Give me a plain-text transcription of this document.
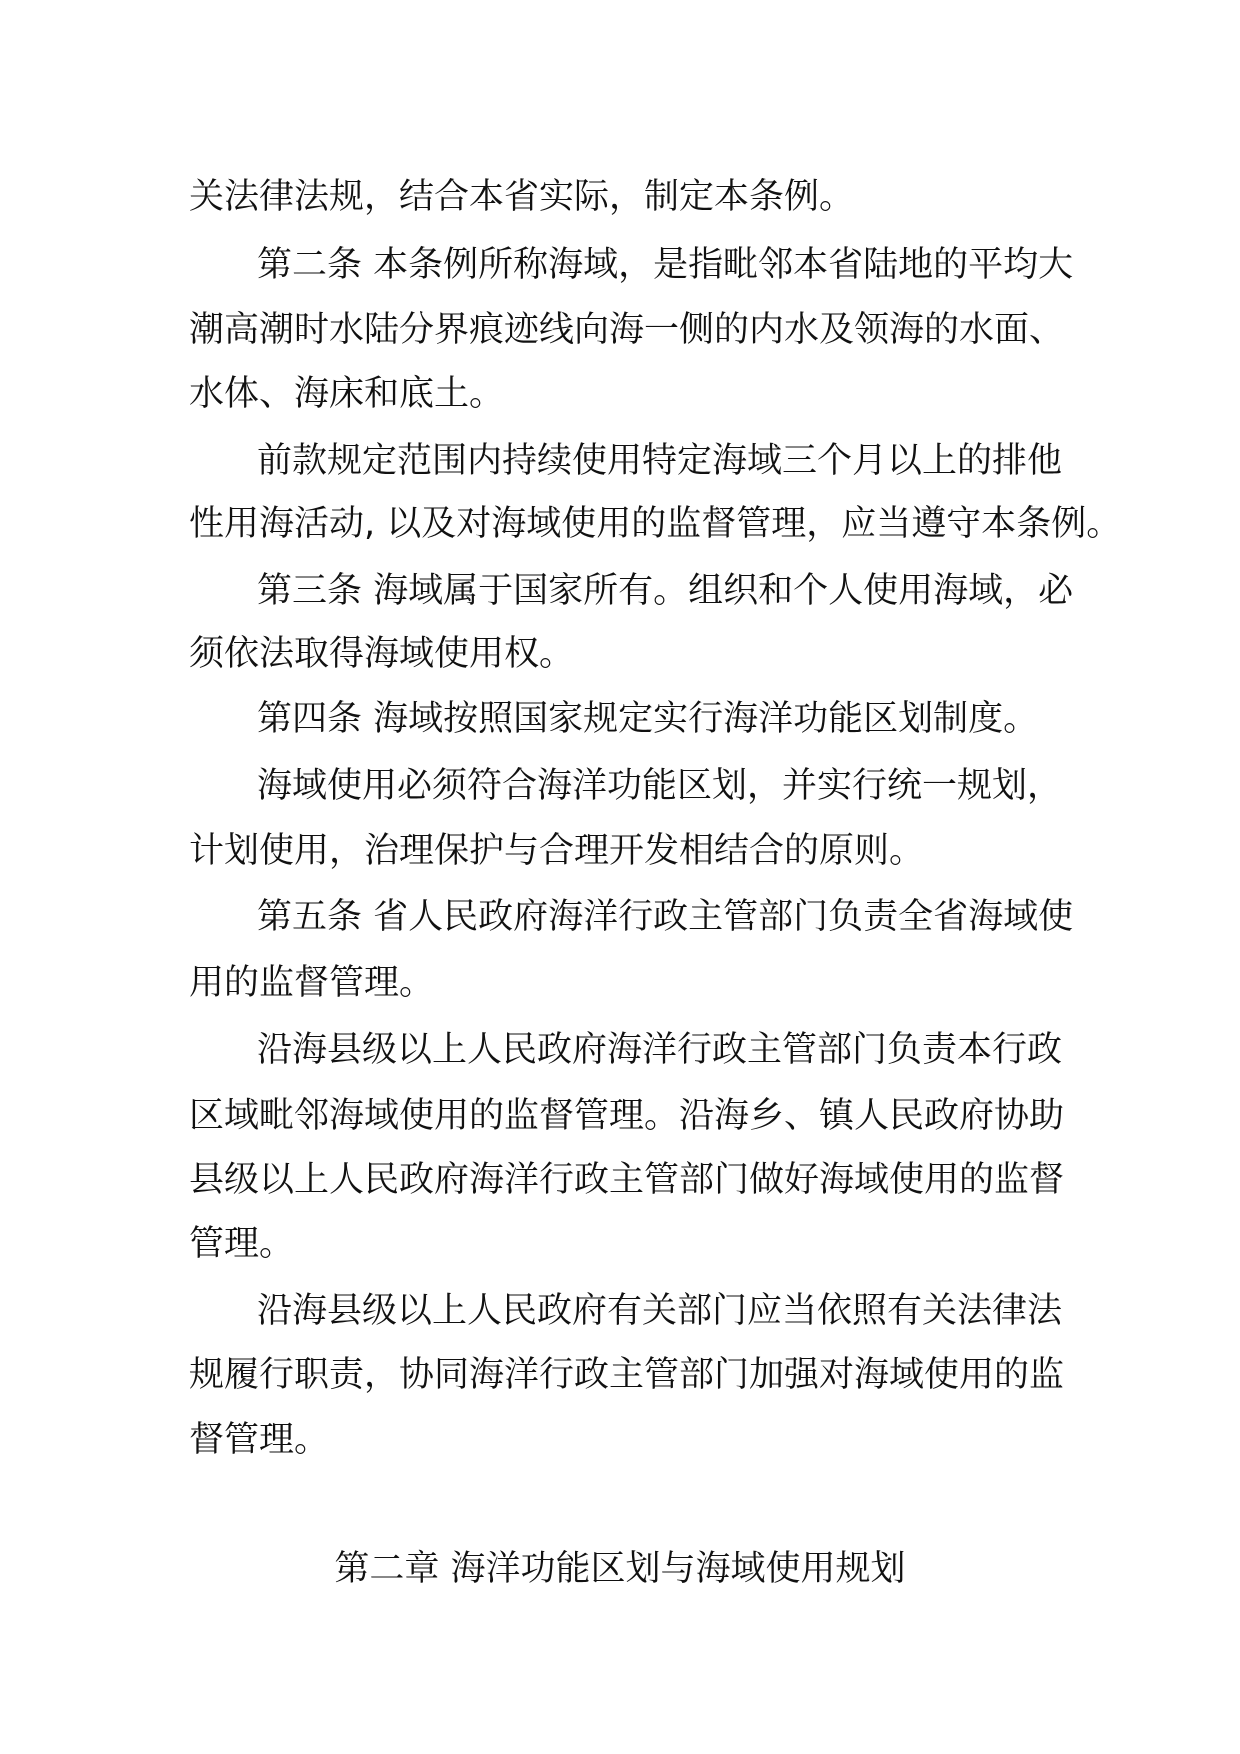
关法律法规，结合本省实际，制定本条例。
第二条 本条例所称海域，是指毗邻本省陆地的平均大
潮高潮时水陆分界痕迹线向海一侧的内水及领海的水面、
水体、海床和底土。
前款规定范围内持续使用特定海域三个月以上的排他
性用海活动, 以及对海域使用的监督管理，应当遵守本条例。
第三条 海域属于国家所有。组织和个人使用海域，必
须依法取得海域使用权。
第四条 海域按照国家规定实行海洋功能区划制度。
海域使用必须符合海洋功能区划，并实行统一规划，
计划使用，治理保护与合理开发相结合的原则。
第五条 省人民政府海洋行政主管部门负责全省海域使
用的监督管理。
沿海县级以上人民政府海洋行政主管部门负责本行政
区域毗邻海域使用的监督管理。沿海乡、镇人民政府协助
县级以上人民政府海洋行政主管部门做好海域使用的监督
管理。
沿海县级以上人民政府有关部门应当依照有关法律法
规履行职责，协同海洋行政主管部门加强对海域使用的监
督管理。
第二章 海洋功能区划与海域使用规划
